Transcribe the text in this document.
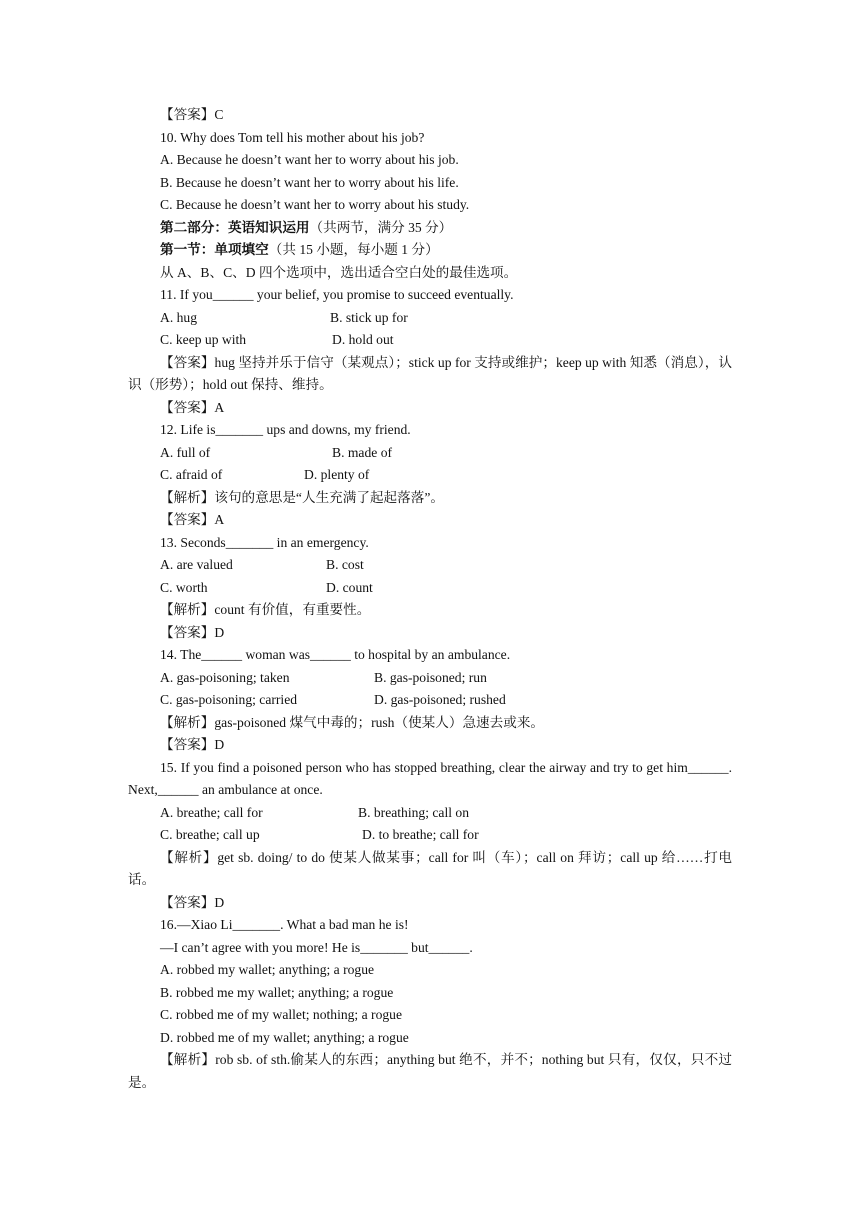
【答案】C
10. Why does Tom tell his mother about his job?
A. Because he doesn’t want her to worry about his job.
B. Because he doesn’t want her to worry about his life.
C. Because he doesn’t want her to worry about his study.
第二部分：英语知识运用（共两节，满分 35 分）
第一节：单项填空（共 15 小题，每小题 1 分）
从 A、B、C、D 四个选项中，选出适合空白处的最佳选项。
11. If you______ your belief, you promise to succeed eventually.
A. hug	B. stick up for
C. keep up with	D. hold out
【答案】hug 坚持并乐于信守（某观点）；stick up for 支持或维护；keep up with 知悉（消息），认识（形势）；hold out 保持、维持。
【答案】A
12. Life is_______ ups and downs, my friend.
A. full of	B. made of
C. afraid of	D. plenty of
【解析】该句的意思是“人生充满了起起落落”。
【答案】A
13. Seconds_______ in an emergency.
A. are valued	B. cost
C. worth	D. count
【解析】count 有价值，有重要性。
【答案】D
14. The______ woman was______ to hospital by an ambulance.
A. gas-poisoning; taken	B. gas-poisoned; run
C. gas-poisoning; carried	D. gas-poisoned; rushed
【解析】gas-poisoned 煤气中毒的；rush（使某人）急速去或来。
【答案】D
15. If you find a poisoned person who has stopped breathing, clear the airway and try to get him______. Next,______ an ambulance at once.
A. breathe; call for	B. breathing; call on
C. breathe; call up	D. to breathe; call for
【解析】get sb. doing/ to do 使某人做某事；call for 叫（车）；call on 拜访；call up 给……打电话。
【答案】D
16.—Xiao Li_______. What a bad man he is!
—I can’t agree with you more! He is_______ but______.
A. robbed my wallet; anything; a rogue
B. robbed me my wallet; anything; a rogue
C. robbed me of my wallet; nothing; a rogue
D. robbed me of my wallet; anything; a rogue
【解析】rob sb. of sth.偷某人的东西；anything but 绝不，并不；nothing but 只有，仅仅，只不过是。
